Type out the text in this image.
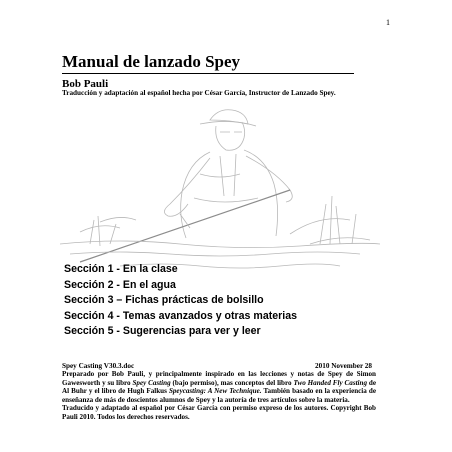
1
Manual de lanzado Spey
Bob Pauli
Traducción y adaptación al español hecha por César García, Instructor de Lanzado Spey.
Sección 1 - En la clase
Sección 2 - En el agua
Sección 3 – Fichas prácticas de bolsillo
Sección 4 - Temas avanzados y otras materias
Sección 5 - Sugerencias para ver y leer
Spey Casting V30.3.doc	2010 November 28
Preparado por Bob Pauli, y principalmente inspirado en las lecciones y notas de Spey de Simon Gawesworth y su libro Spey Casting (bajo permiso), mas conceptos del libro Two Handed Fly Casting de Al Buhr y el libro de Hugh Falkus Speycasting: A New Technique. También basado en la experiencia de enseñanza de más de doscientos alumnos de Spey y la autoría de tres artículos sobre la materia.
Traducido y adaptado al español por César García con permiso expreso de los autores. Copyright Bob Pauli 2010. Todos los derechos reservados.
